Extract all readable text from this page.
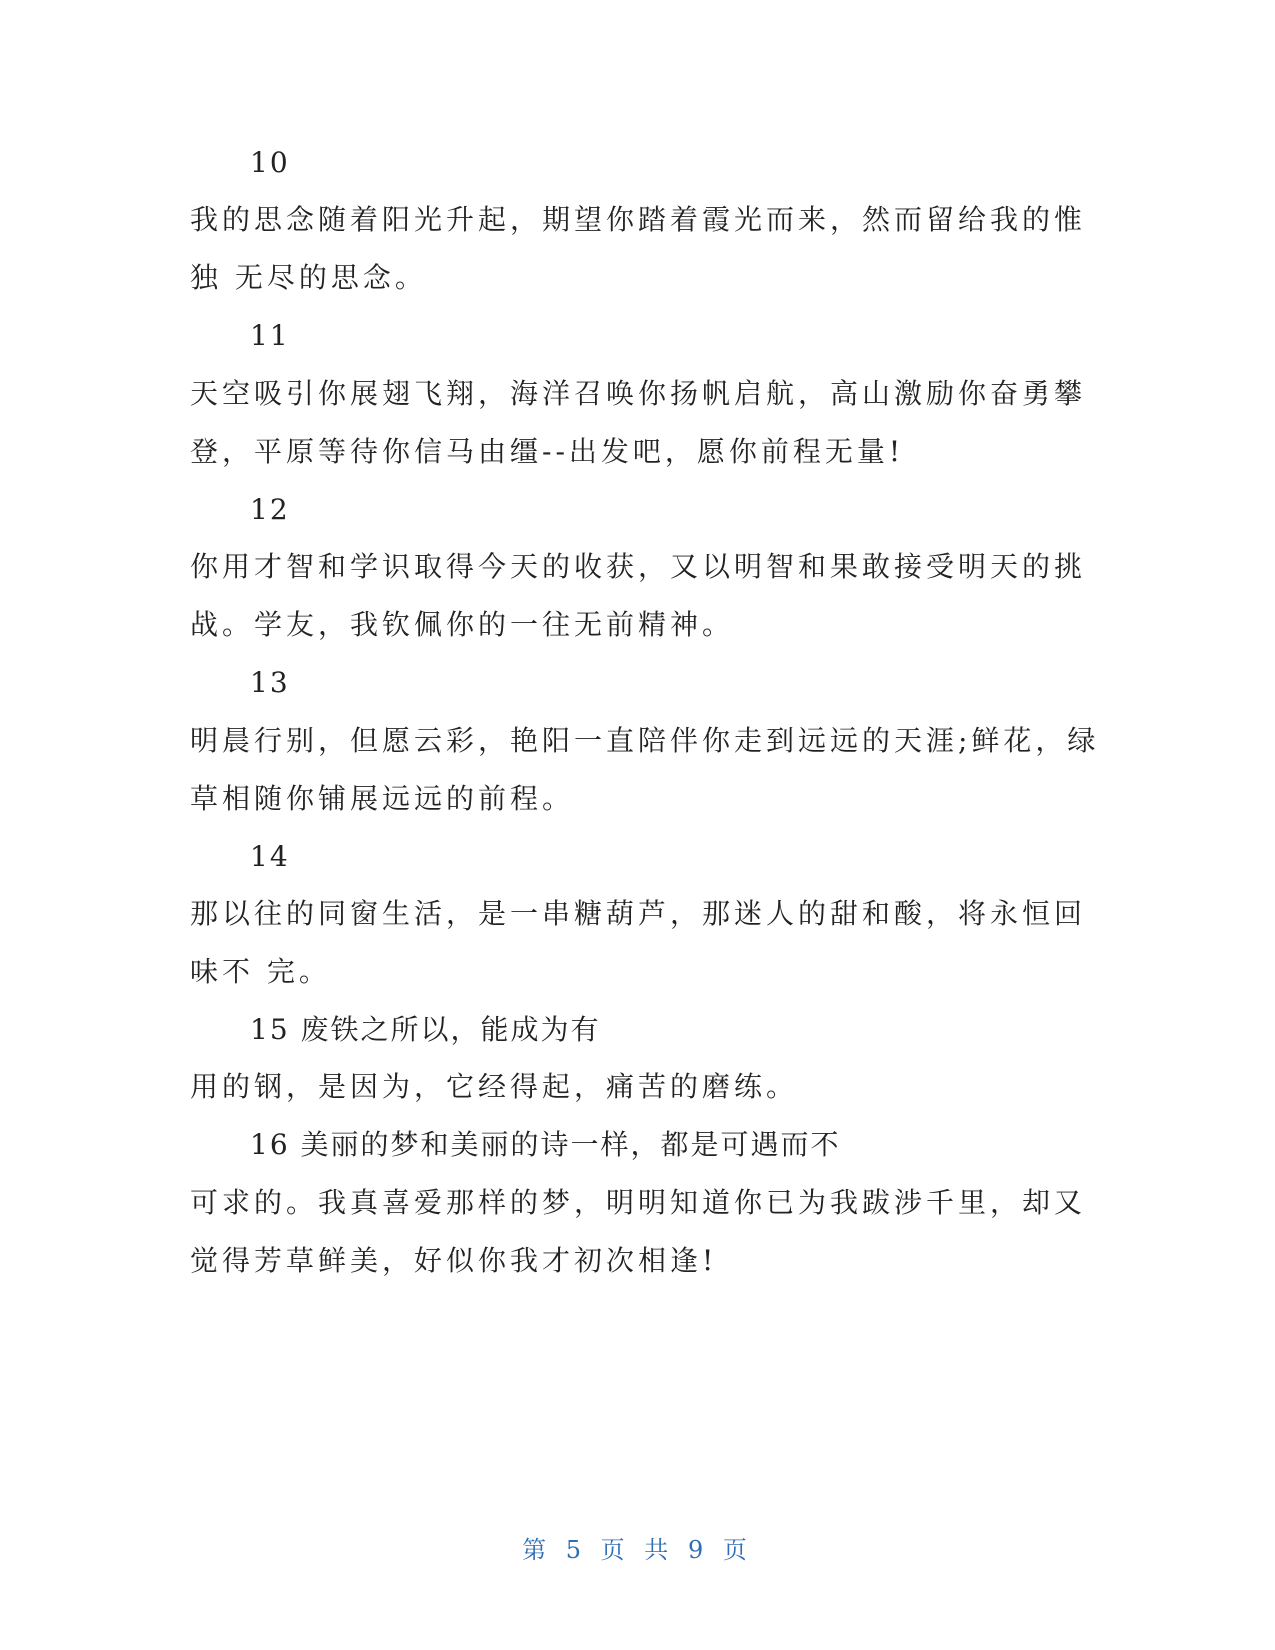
10
我的思念随着阳光升起，期望你踏着霞光而来，然而留给我的惟
独 无尽的思念。
11
天空吸引你展翅飞翔，海洋召唤你扬帆启航，高山激励你奋勇攀
登，平原等待你信马由缰--出发吧，愿你前程无量!
12
你用才智和学识取得今天的收获，又以明智和果敢接受明天的挑
战。学友，我钦佩你的一往无前精神。
13
明晨行别，但愿云彩，艳阳一直陪伴你走到远远的天涯;鲜花，绿
草相随你铺展远远的前程。
14
那以往的同窗生活，是一串糖葫芦，那迷人的甜和酸，将永恒回
味不 完。
15 废铁之所以，能成为有
用的钢，是因为，它经得起，痛苦的磨练。
16 美丽的梦和美丽的诗一样，都是可遇而不
可求的。我真喜爱那样的梦，明明知道你已为我跋涉千里，却又
觉得芳草鲜美，好似你我才初次相逢!
第 5 页 共 9 页
